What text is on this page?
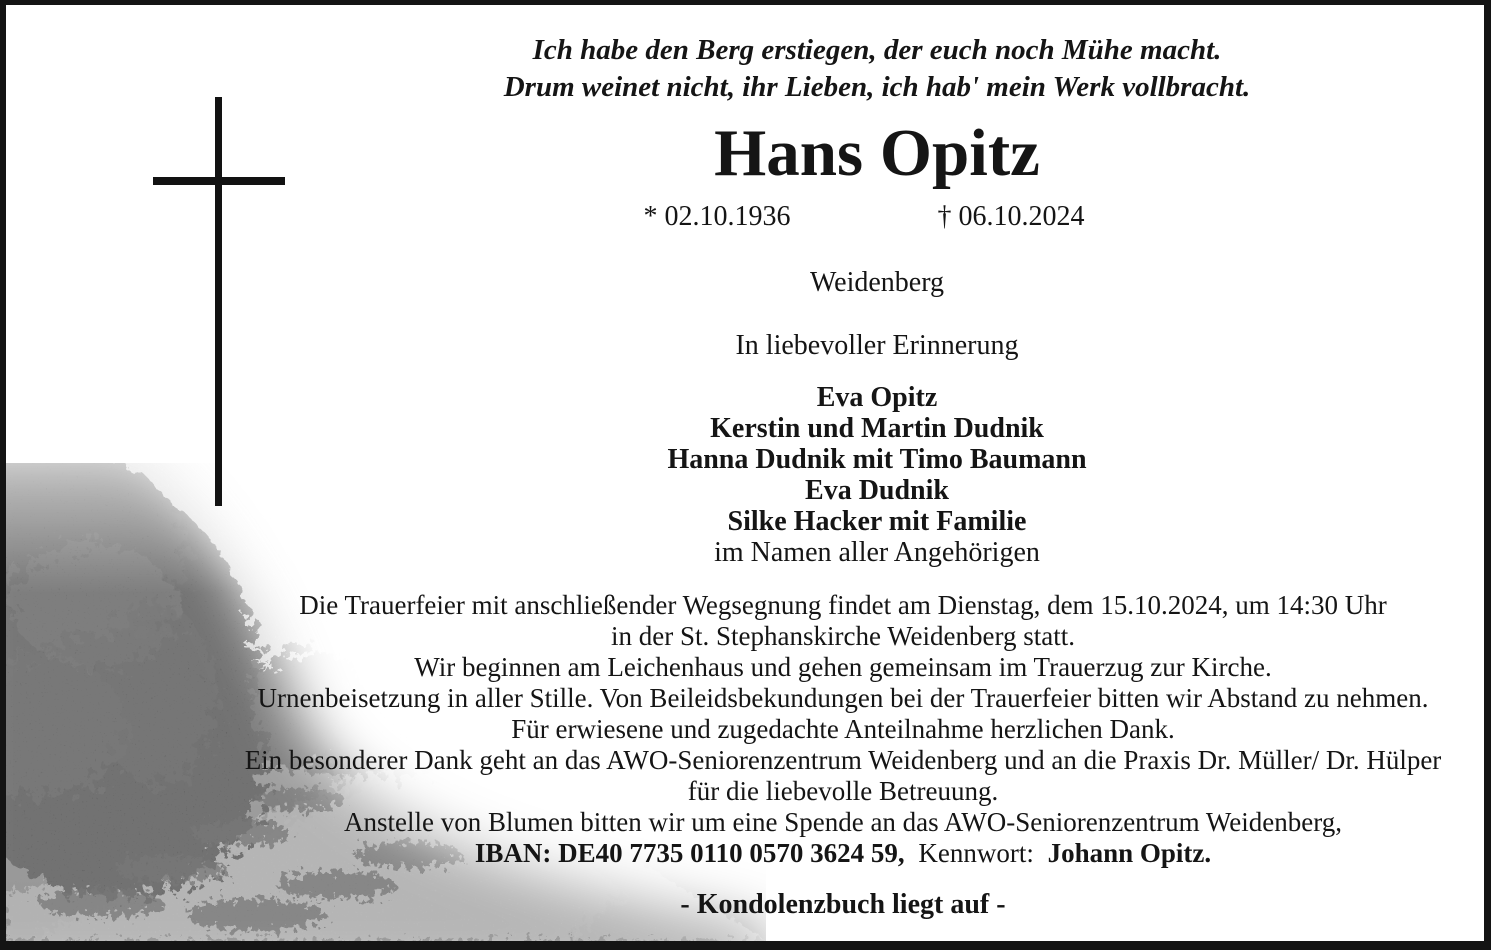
Ich habe den Berg erstiegen, der euch noch Mühe macht.
Drum weinet nicht, ihr Lieben, ich hab' mein Werk vollbracht.
Hans Opitz
* 02.10.1936	† 06.10.2024
Weidenberg
In liebevoller Erinnerung
Eva Opitz
Kerstin und Martin Dudnik
Hanna Dudnik mit Timo Baumann
Eva Dudnik
Silke Hacker mit Familie
im Namen aller Angehörigen
Die Trauerfeier mit anschließender Wegsegnung findet am Dienstag, dem 15.10.2024, um 14:30 Uhr
in der St. Stephanskirche Weidenberg statt.
Wir beginnen am Leichenhaus und gehen gemeinsam im Trauerzug zur Kirche.
Urnenbeisetzung in aller Stille. Von Beileidsbekundungen bei der Trauerfeier bitten wir Abstand zu nehmen.
Für erwiesene und zugedachte Anteilnahme herzlichen Dank.
Ein besonderer Dank geht an das AWO-Seniorenzentrum Weidenberg und an die Praxis Dr. Müller/ Dr. Hülper
für die liebevolle Betreuung.
Anstelle von Blumen bitten wir um eine Spende an das AWO-Seniorenzentrum Weidenberg,
IBAN: DE40 7735 0110 0570 3624 59, Kennwort: Johann Opitz.
- Kondolenzbuch liegt auf -
